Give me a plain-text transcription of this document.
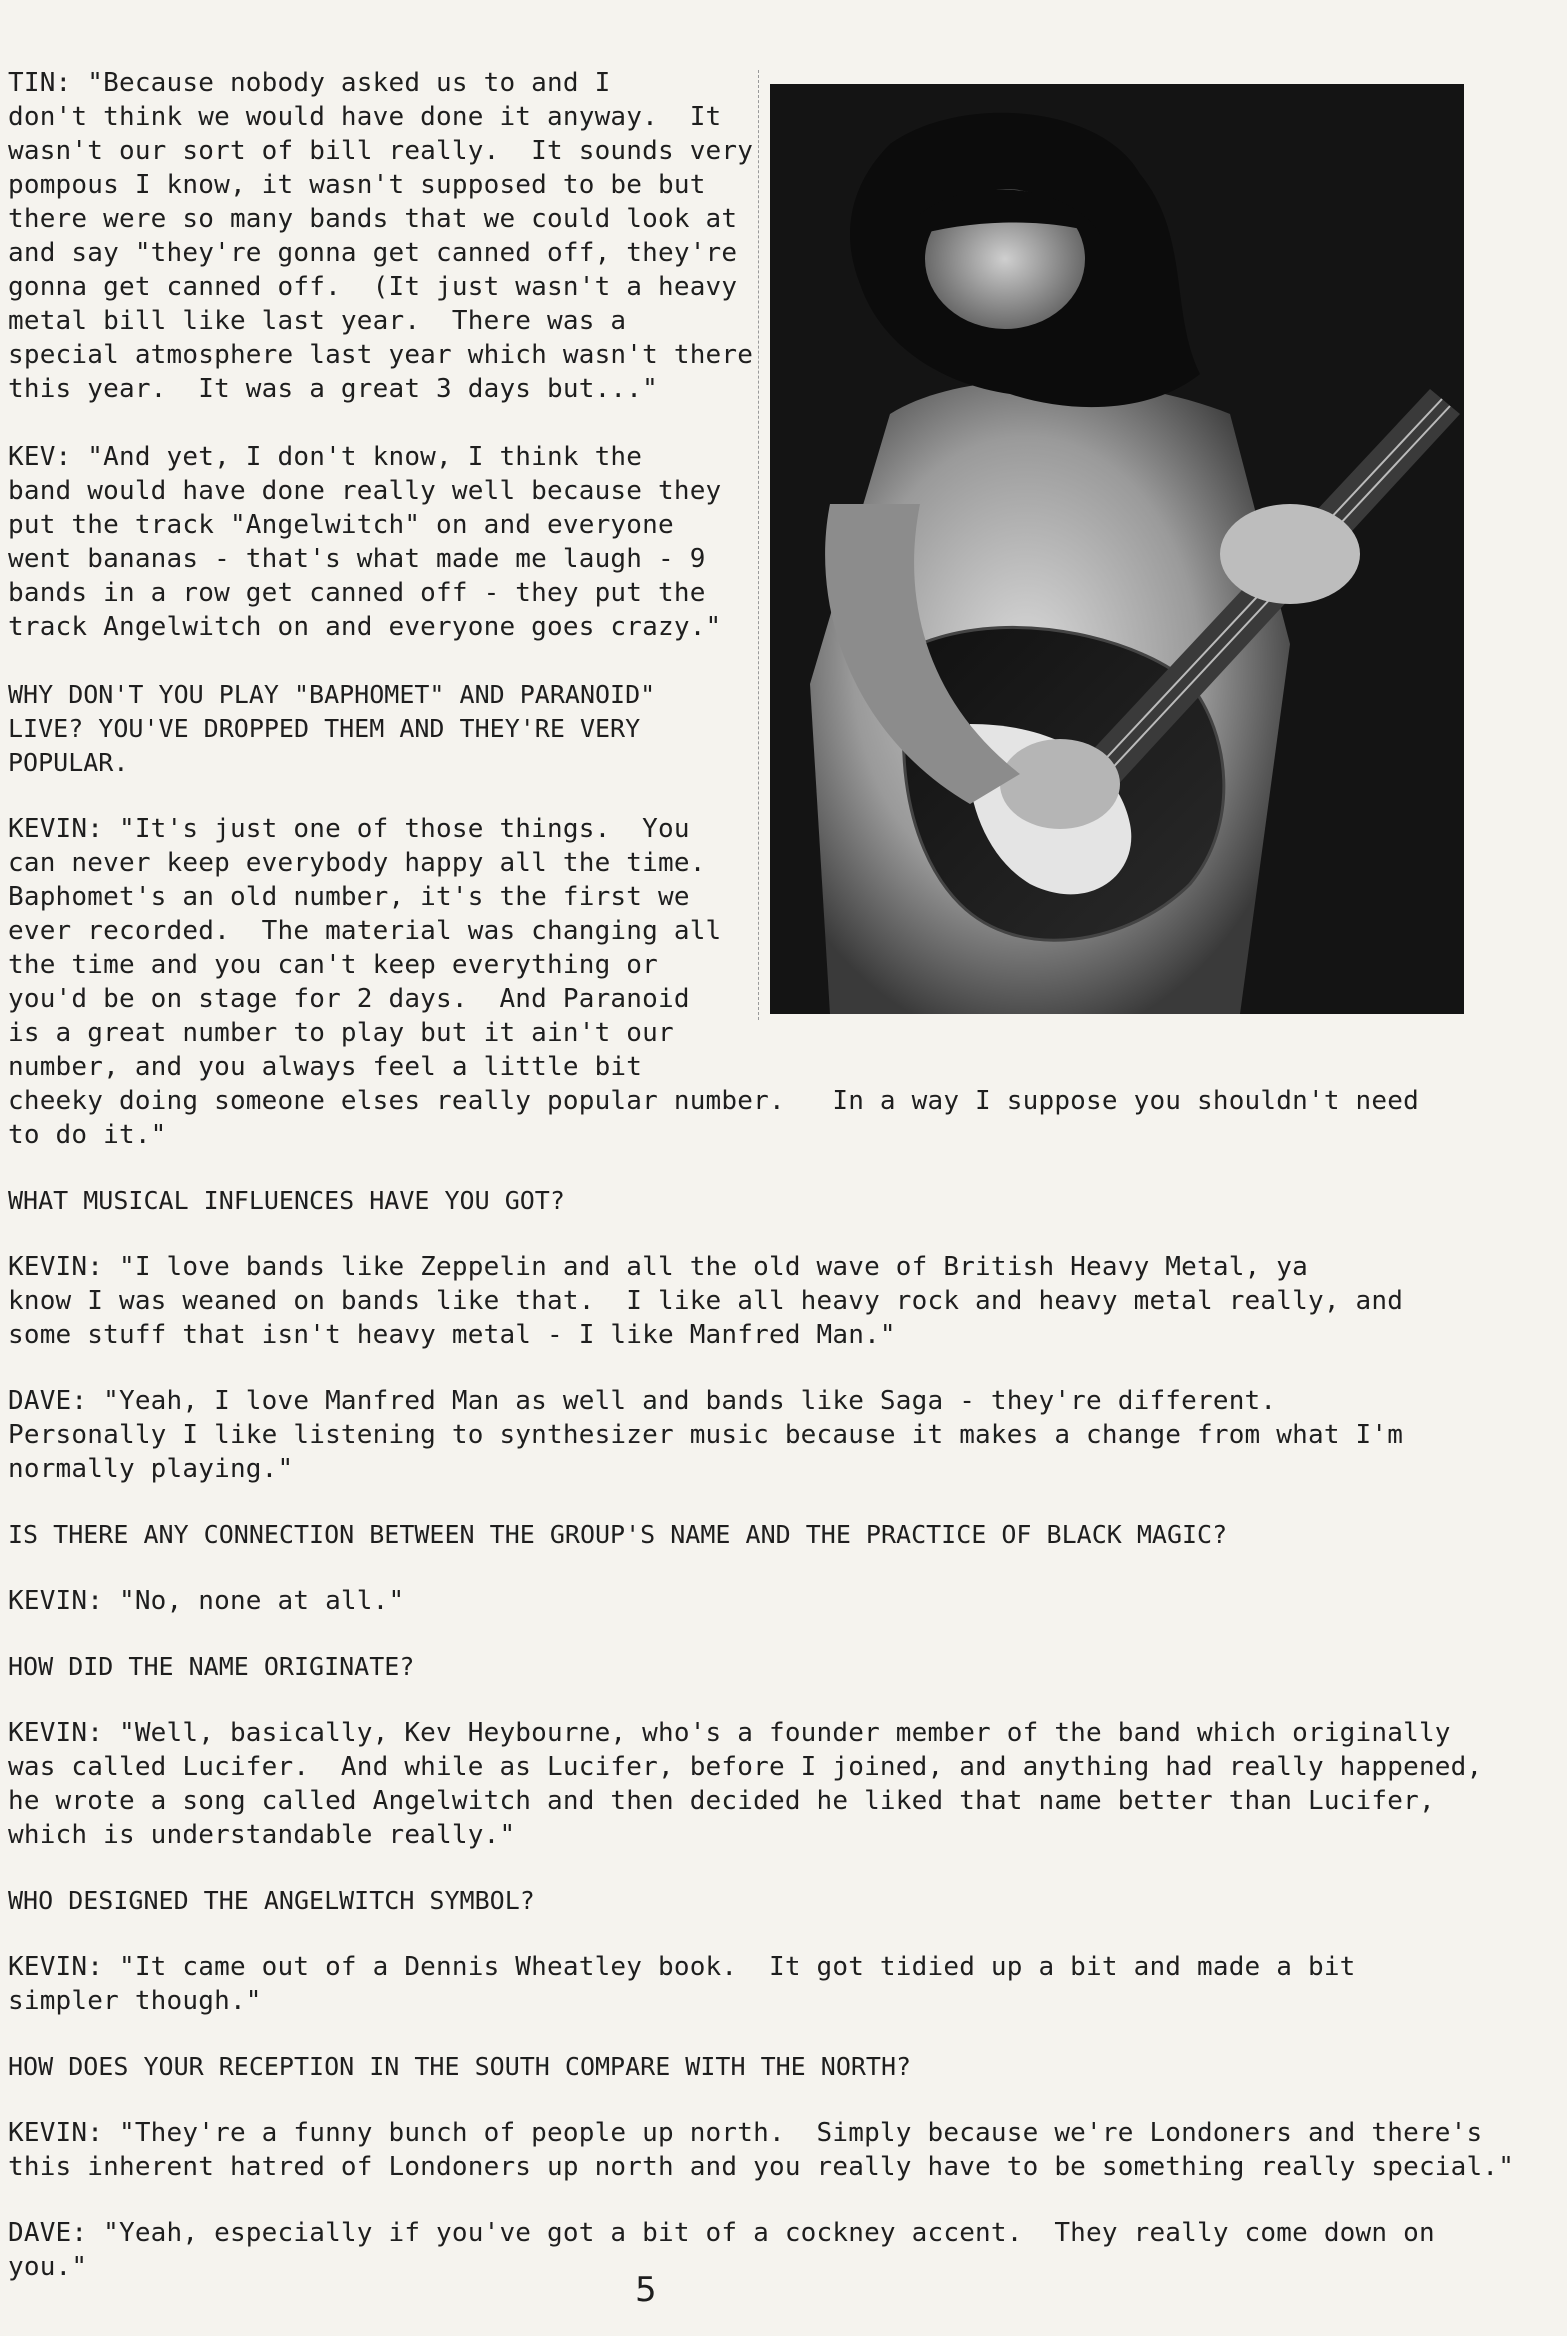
TIN: "Because nobody asked us to and I
don't think we would have done it anyway.  It
wasn't our sort of bill really.  It sounds very
pompous I know, it wasn't supposed to be but
there were so many bands that we could look at
and say "they're gonna get canned off, they're
gonna get canned off.  (It just wasn't a heavy
metal bill like last year.  There was a
special atmosphere last year which wasn't there
this year.  It was a great 3 days but..."
KEV: "And yet, I don't know, I think the
band would have done really well because they
put the track "Angelwitch" on and everyone
went bananas - that's what made me laugh - 9
bands in a row get canned off - they put the
track Angelwitch on and everyone goes crazy."
WHY DON'T YOU PLAY "BAPHOMET" AND PARANOID"
LIVE? YOU'VE DROPPED THEM AND THEY'RE VERY
POPULAR.
KEVIN: "It's just one of those things.  You
can never keep everybody happy all the time.
Baphomet's an old number, it's the first we
ever recorded.  The material was changing all
the time and you can't keep everything or
you'd be on stage for 2 days.  And Paranoid
is a great number to play but it ain't our
number, and you always feel a little bit
cheeky doing someone elses really popular number.   In a way I suppose you shouldn't need
to do it."
WHAT MUSICAL INFLUENCES HAVE YOU GOT?
KEVIN: "I love bands like Zeppelin and all the old wave of British Heavy Metal, ya
know I was weaned on bands like that.  I like all heavy rock and heavy metal really, and
some stuff that isn't heavy metal - I like Manfred Man."
DAVE: "Yeah, I love Manfred Man as well and bands like Saga - they're different.
Personally I like listening to synthesizer music because it makes a change from what I'm
normally playing."
IS THERE ANY CONNECTION BETWEEN THE GROUP'S NAME AND THE PRACTICE OF BLACK MAGIC?
KEVIN: "No, none at all."
HOW DID THE NAME ORIGINATE?
KEVIN: "Well, basically, Kev Heybourne, who's a founder member of the band which originally
was called Lucifer.  And while as Lucifer, before I joined, and anything had really happened,
he wrote a song called Angelwitch and then decided he liked that name better than Lucifer,
which is understandable really."
WHO DESIGNED THE ANGELWITCH SYMBOL?
KEVIN: "It came out of a Dennis Wheatley book.  It got tidied up a bit and made a bit
simpler though."
HOW DOES YOUR RECEPTION IN THE SOUTH COMPARE WITH THE NORTH?
KEVIN: "They're a funny bunch of people up north.  Simply because we're Londoners and there's
this inherent hatred of Londoners up north and you really have to be something really special."
DAVE: "Yeah, especially if you've got a bit of a cockney accent.  They really come down on
you."
5
